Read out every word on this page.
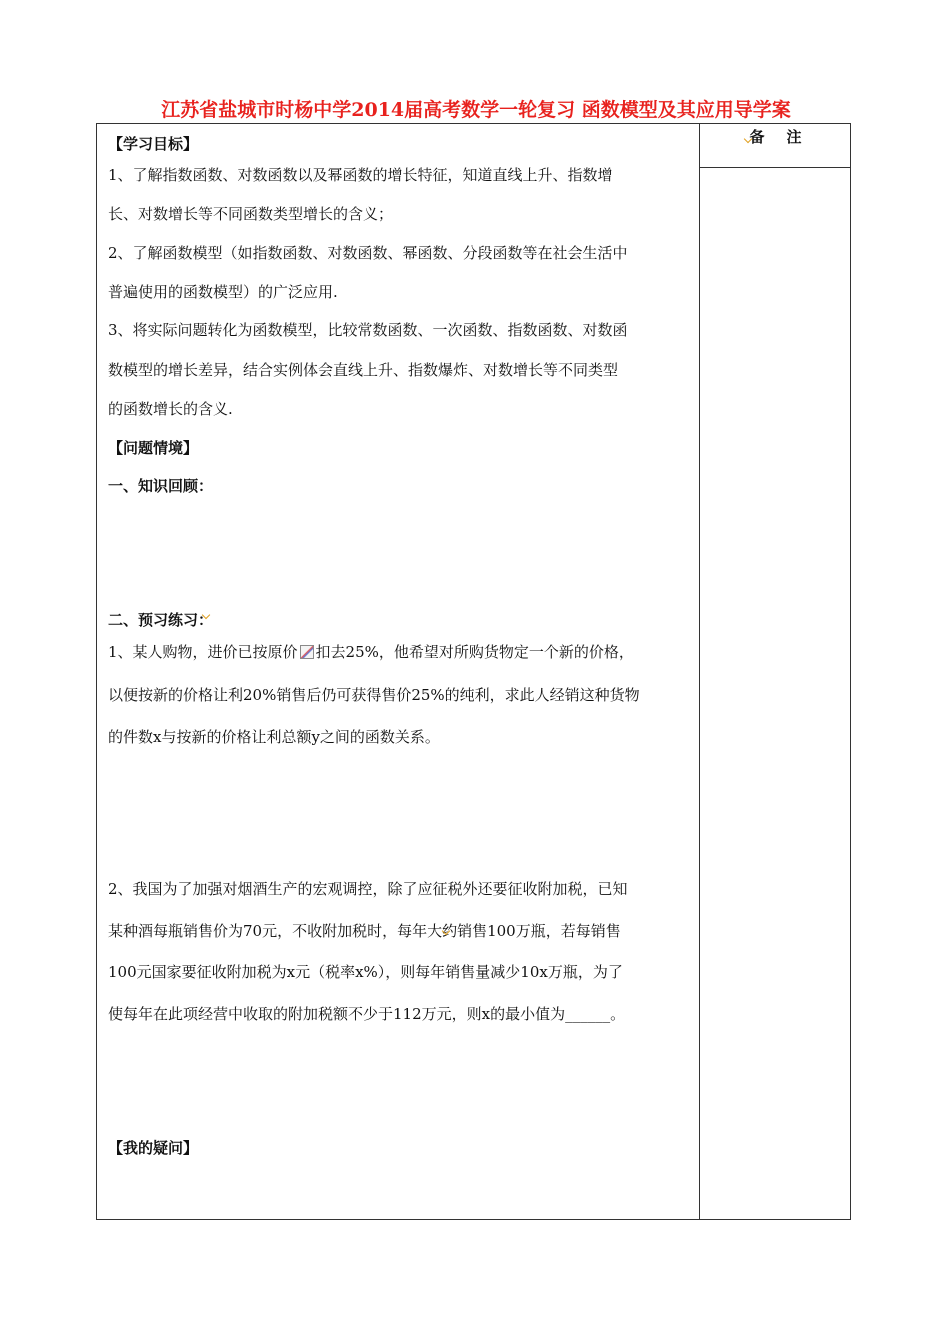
江苏省盐城市时杨中学2014届高考数学一轮复习 函数模型及其应用导学案
备注
【学习目标】
1、了解指数函数、对数函数以及幂函数的增长特征，知道直线上升、指数增
长、对数增长等不同函数类型增长的含义；
2、了解函数模型（如指数函数、对数函数、幂函数、分段函数等在社会生活中
普遍使用的函数模型）的广泛应用.
3、将实际问题转化为函数模型，比较常数函数、一次函数、指数函数、对数函
数模型的增长差异，结合实例体会直线上升、指数爆炸、对数增长等不同类型
的函数增长的含义.
【问题情境】
一、知识回顾：
二、预习练习：
1、某人购物，进价已按原价 扣去25%，他希望对所购货物定一个新的价格，
以便按新的价格让利20%销售后仍可获得售价25%的纯利，求此人经销这种货物
的件数x与按新的价格让利总额y之间的函数关系。
2、我国为了加强对烟酒生产的宏观调控，除了应征税外还要征收附加税，已知
某种酒每瓶销售价为70元，不收附加税时，每年大约销售100万瓶，若每销售
100元国家要征收附加税为x元（税率x%），则每年销售量减少10x万瓶，为了
使每年在此项经营中收取的附加税额不少于112万元，则x的最小值为______。
【我的疑问】
